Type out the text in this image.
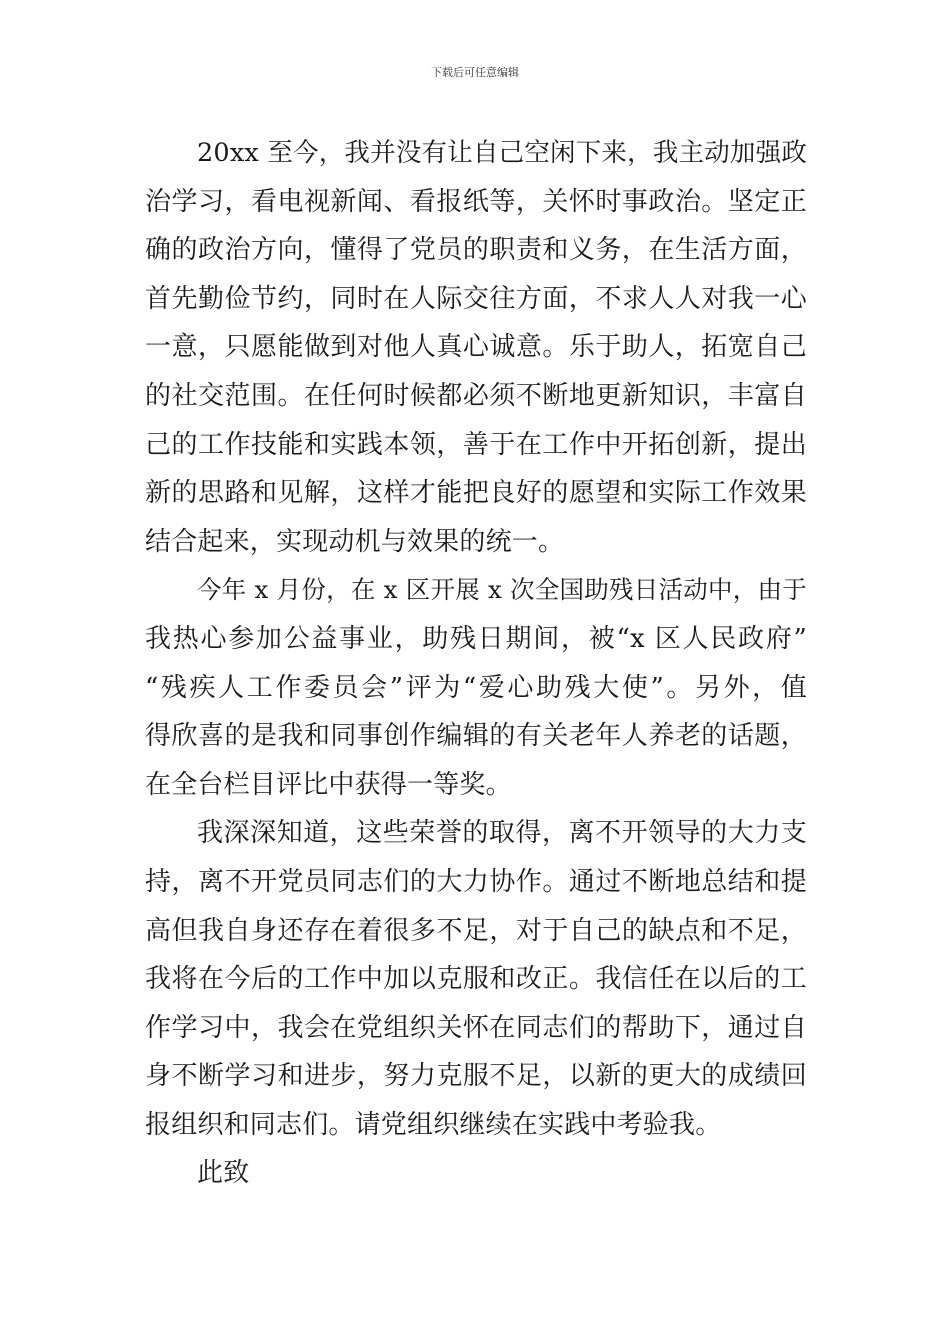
下载后可任意编辑
20xx 至今，我并没有让自己空闲下来，我主动加强政
治学习，看电视新闻、看报纸等，关怀时事政治。坚定正
确的政治方向，懂得了党员的职责和义务，在生活方面，
首先勤俭节约，同时在人际交往方面，不求人人对我一心
一意，只愿能做到对他人真心诚意。乐于助人，拓宽自己
的社交范围。在任何时候都必须不断地更新知识，丰富自
己的工作技能和实践本领，善于在工作中开拓创新，提出
新的思路和见解，这样才能把良好的愿望和实际工作效果
结合起来，实现动机与效果的统一。
今年 x 月份，在 x 区开展 x 次全国助残日活动中，由于
我热心参加公益事业，助残日期间，被“x 区人民政府”
“残疾人工作委员会”评为“爱心助残大使”。另外，值
得欣喜的是我和同事创作编辑的有关老年人养老的话题，
在全台栏目评比中获得一等奖。
我深深知道，这些荣誉的取得，离不开领导的大力支
持，离不开党员同志们的大力协作。通过不断地总结和提
高但我自身还存在着很多不足，对于自己的缺点和不足，
我将在今后的工作中加以克服和改正。我信任在以后的工
作学习中，我会在党组织关怀在同志们的帮助下，通过自
身不断学习和进步，努力克服不足，以新的更大的成绩回
报组织和同志们。请党组织继续在实践中考验我。
此致
